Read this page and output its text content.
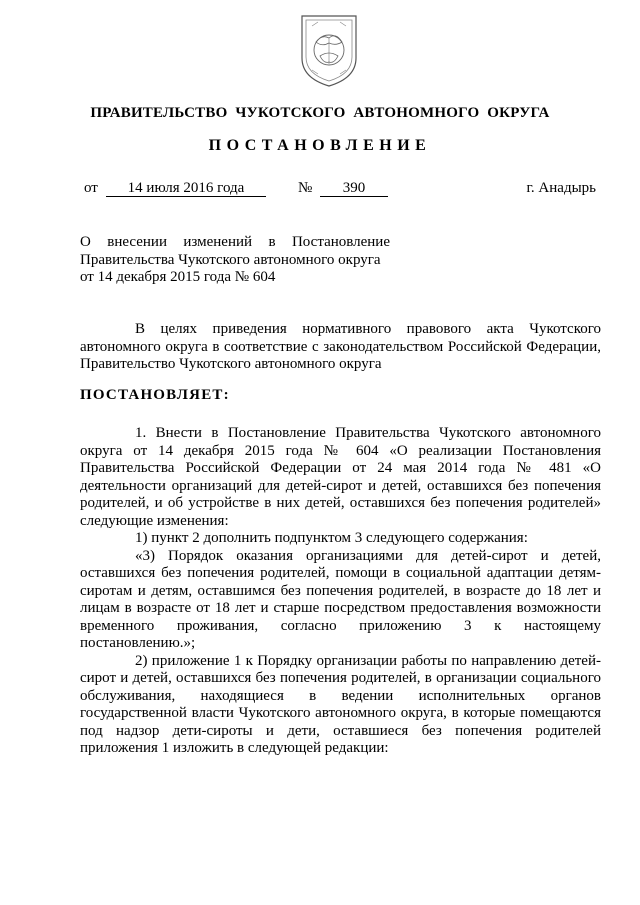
ПРАВИТЕЛЬСТВО ЧУКОТСКОГО АВТОНОМНОГО ОКРУГА
ПОСТАНОВЛЕНИЕ
от	14 июля 2016 года	№	390	г. Анадырь
О внесении изменений в Постановление
Правительства Чукотского автономного округа
от 14 декабря 2015 года № 604
В целях приведения нормативного правового акта Чукотского автономного округа в соответствие с законодательством Российской Федерации, Правительство Чукотского автономного округа
ПОСТАНОВЛЯЕТ:
1. Внести в Постановление Правительства Чукотского автономного округа от 14 декабря 2015 года № 604 «О реализации Постановления Правительства Российской Федерации от 24 мая 2014 года № 481 «О деятельности организаций для детей-сирот и детей, оставшихся без попечения родителей, и об устройстве в них детей, оставшихся без попечения родителей» следующие изменения:
1) пункт 2 дополнить подпунктом 3 следующего содержания:
«3) Порядок оказания организациями для детей-сирот и детей, оставшихся без попечения родителей, помощи в социальной адаптации детям-сиротам и детям, оставшимся без попечения родителей, в возрасте до 18 лет и лицам в возрасте от 18 лет и старше посредством предоставления возможности временного проживания, согласно приложению 3 к настоящему постановлению.»;
2) приложение 1 к Порядку организации работы по направлению детей-сирот и детей, оставшихся без попечения родителей, в организации социального обслуживания, находящиеся в ведении исполнительных органов государственной власти Чукотского автономного округа, в которые помещаются под надзор дети-сироты и дети, оставшиеся без попечения родителей приложения 1 изложить в следующей редакции:
